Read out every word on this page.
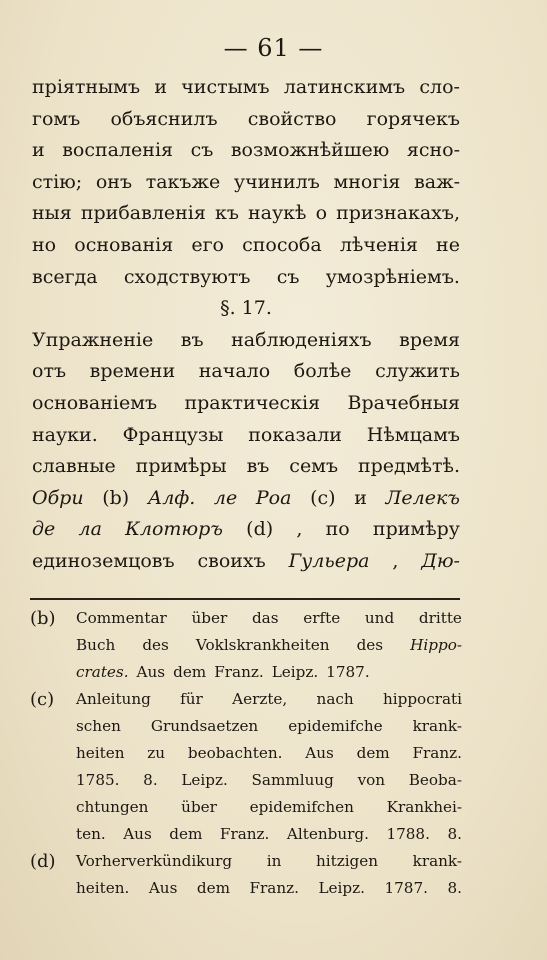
— 61 —
пріятнымъ и чистымъ латинскимъ сло-
гомъ объяснилъ свойство горячекъ
и воспаленія съ возможнѣйшею ясно-
стію; онъ такъже учинилъ многія важ-
ныя прибавленія къ наукѣ о признакахъ,
но основанія его способа лѣченія не
всегда сходствуютъ съ умозрѣніемъ.
§. 17.
Упражненіе въ наблюденіяхъ время
отъ времени начало болѣе служить
основаніемъ практическія Врачебныя
науки. Французы показали Нѣмцамъ
славные примѣры въ семъ предмѣтѣ.
Обри (b) Алф. ле Роа (c) и Лелекъ
де ла Клотюръ (d) , по примѣру
единоземцовъ своихъ Гульера , Дю-
(b) Commentar über das erfte und dritte
Buch des Voklskrankheiten des Hippo-
crates. Aus dem Franz. Leipz. 1787.
(c) Anleitung für Aerzte, nach hippocrati
schen Grundsaetzen epidemifche krank-
heiten zu beobachten. Aus dem Franz.
1785. 8. Leipz. Sammluug von Beoba-
chtungen über epidemifchen Krankhei-
ten. Aus dem Franz. Altenburg. 1788. 8.
(d) Vorherverkündikurg in hitzigen krank-
heiten. Aus dem Franz. Leipz. 1787. 8.
